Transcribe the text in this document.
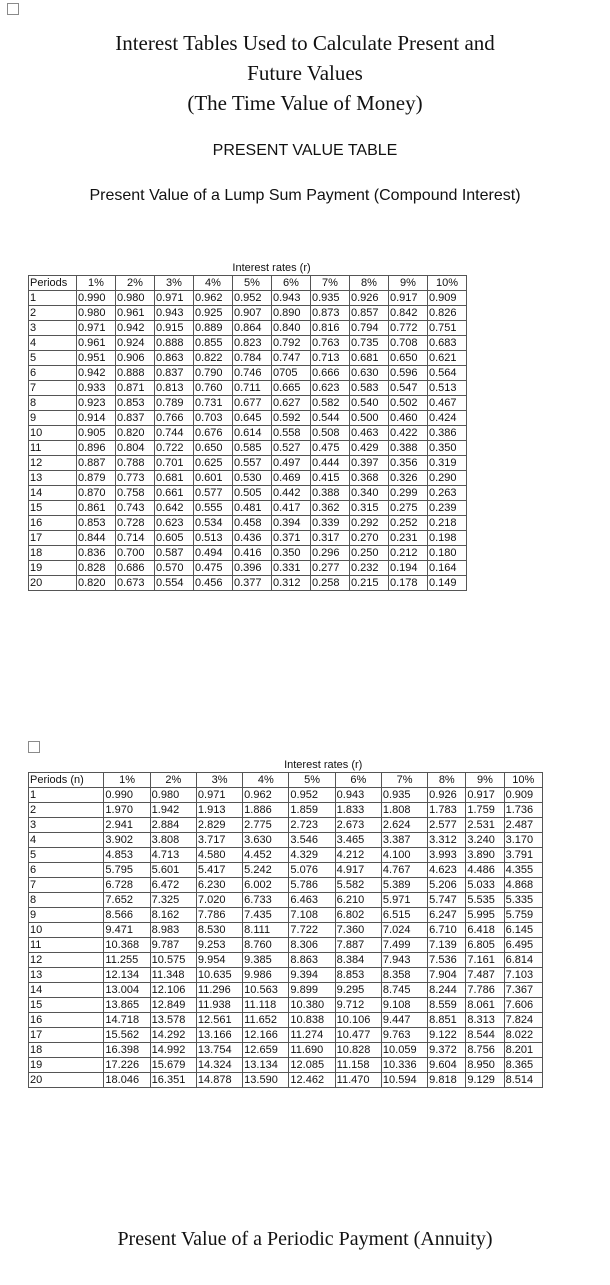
Interest Tables Used to Calculate Present and
Future Values
(The Time Value of Money)
PRESENT VALUE TABLE
Present Value of a Lump Sum Payment (Compound Interest)
	Interest rates (r)									
Periods	1%	2%	3%	4%	5%	6%	7%	8%	9%	10%
1	0.990	0.980	0.971	0.962	0.952	0.943	0.935	0.926	0.917	0.909
2	0.980	0.961	0.943	0.925	0.907	0.890	0.873	0.857	0.842	0.826
3	0.971	0.942	0.915	0.889	0.864	0.840	0.816	0.794	0.772	0.751
4	0.961	0.924	0.888	0.855	0.823	0.792	0.763	0.735	0.708	0.683
5	0.951	0.906	0.863	0.822	0.784	0.747	0.713	0.681	0.650	0.621
6	0.942	0.888	0.837	0.790	0.746	0705	0.666	0.630	0.596	0.564
7	0.933	0.871	0.813	0.760	0.711	0.665	0.623	0.583	0.547	0.513
8	0.923	0.853	0.789	0.731	0.677	0.627	0.582	0.540	0.502	0.467
9	0.914	0.837	0.766	0.703	0.645	0.592	0.544	0.500	0.460	0.424
10	0.905	0.820	0.744	0.676	0.614	0.558	0.508	0.463	0.422	0.386
11	0.896	0.804	0.722	0.650	0.585	0.527	0.475	0.429	0.388	0.350
12	0.887	0.788	0.701	0.625	0.557	0.497	0.444	0.397	0.356	0.319
13	0.879	0.773	0.681	0.601	0.530	0.469	0.415	0.368	0.326	0.290
14	0.870	0.758	0.661	0.577	0.505	0.442	0.388	0.340	0.299	0.263
15	0.861	0.743	0.642	0.555	0.481	0.417	0.362	0.315	0.275	0.239
16	0.853	0.728	0.623	0.534	0.458	0.394	0.339	0.292	0.252	0.218
17	0.844	0.714	0.605	0.513	0.436	0.371	0.317	0.270	0.231	0.198
18	0.836	0.700	0.587	0.494	0.416	0.350	0.296	0.250	0.212	0.180
19	0.828	0.686	0.570	0.475	0.396	0.331	0.277	0.232	0.194	0.164
20	0.820	0.673	0.554	0.456	0.377	0.312	0.258	0.215	0.178	0.149
	Interest rates (r)									
Periods (n)	1%	2%	3%	4%	5%	6%	7%	8%	9%	10%
1	0.990	0.980	0.971	0.962	0.952	0.943	0.935	0.926	0.917	0.909
2	1.970	1.942	1.913	1.886	1.859	1.833	1.808	1.783	1.759	1.736
3	2.941	2.884	2.829	2.775	2.723	2.673	2.624	2.577	2.531	2.487
4	3.902	3.808	3.717	3.630	3.546	3.465	3.387	3.312	3.240	3.170
5	4.853	4.713	4.580	4.452	4.329	4.212	4.100	3.993	3.890	3.791
6	5.795	5.601	5.417	5.242	5.076	4.917	4.767	4.623	4.486	4.355
7	6.728	6.472	6.230	6.002	5.786	5.582	5.389	5.206	5.033	4.868
8	7.652	7.325	7.020	6.733	6.463	6.210	5.971	5.747	5.535	5.335
9	8.566	8.162	7.786	7.435	7.108	6.802	6.515	6.247	5.995	5.759
10	9.471	8.983	8.530	8.111	7.722	7.360	7.024	6.710	6.418	6.145
11	10.368	9.787	9.253	8.760	8.306	7.887	7.499	7.139	6.805	6.495
12	11.255	10.575	9.954	9.385	8.863	8.384	7.943	7.536	7.161	6.814
13	12.134	11.348	10.635	9.986	9.394	8.853	8.358	7.904	7.487	7.103
14	13.004	12.106	11.296	10.563	9.899	9.295	8.745	8.244	7.786	7.367
15	13.865	12.849	11.938	11.118	10.380	9.712	9.108	8.559	8.061	7.606
16	14.718	13.578	12.561	11.652	10.838	10.106	9.447	8.851	8.313	7.824
17	15.562	14.292	13.166	12.166	11.274	10.477	9.763	9.122	8.544	8.022
18	16.398	14.992	13.754	12.659	11.690	10.828	10.059	9.372	8.756	8.201
19	17.226	15.679	14.324	13.134	12.085	11.158	10.336	9.604	8.950	8.365
20	18.046	16.351	14.878	13.590	12.462	11.470	10.594	9.818	9.129	8.514
Present Value of a Periodic Payment (Annuity)
